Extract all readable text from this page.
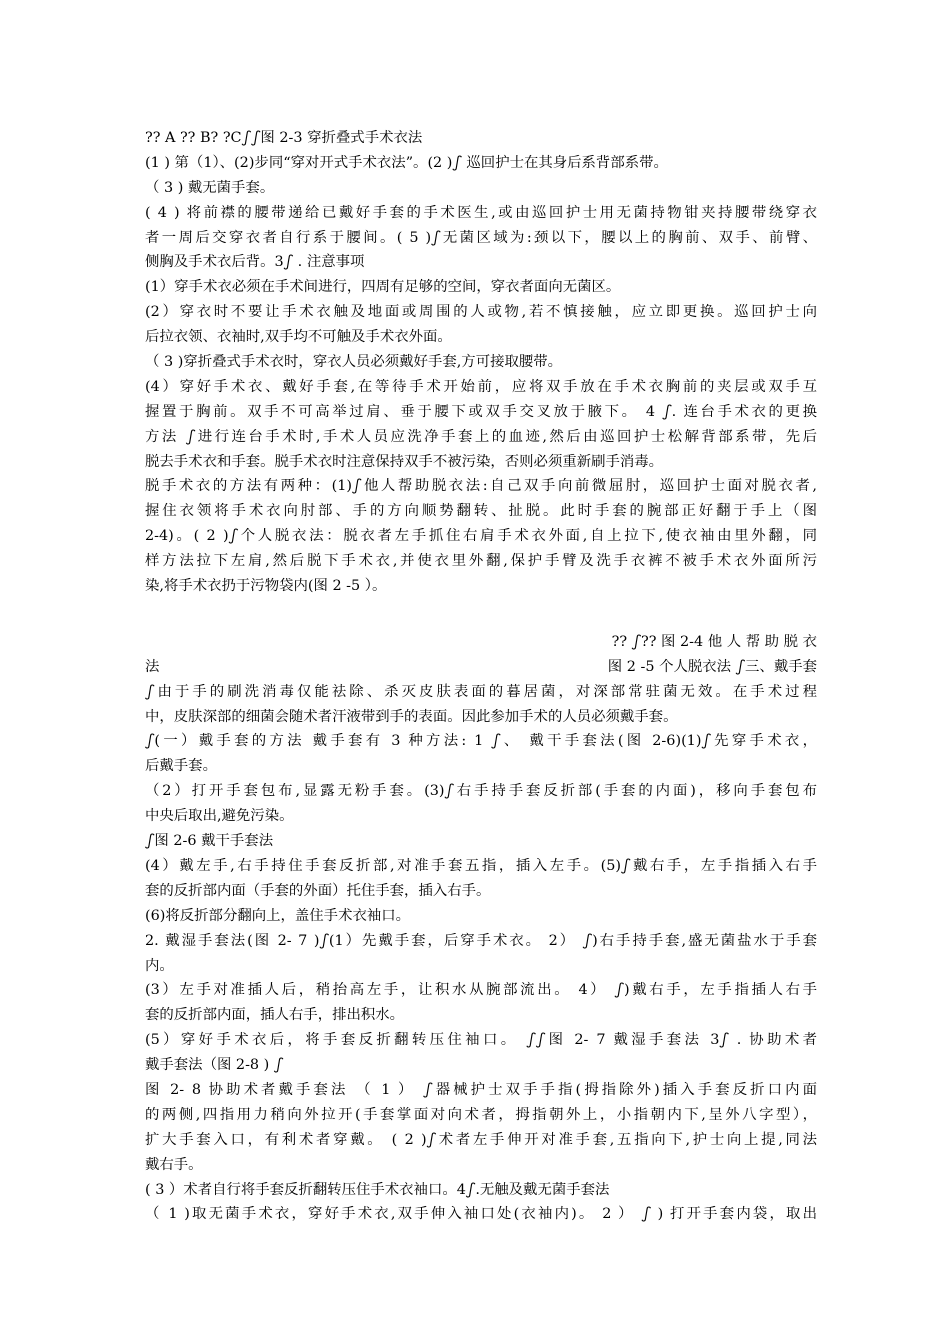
?? A ?? B? ?Cഽഽ图 2-3 穿折叠式手术衣法
(1 ) 第（1）、(2)步同“穿对开式手术衣法”。(2 )ഽ 巡回护士在其身后系背部系带。
（ 3 ) 戴无菌手套。
( 4 ) 将前襟的腰带递给已戴好手套的手术医生,或由巡回护士用无菌持物钳夹持腰带绕穿衣
者一周后交穿衣者自行系于腰间。( 5 )ഽ无菌区域为:颈以下，腰以上的胸前、双手、前臂、
侧胸及手术衣后背。3ഽ . 注意事项
(1）穿手术衣必须在手术间进行，四周有足够的空间，穿衣者面向无菌区。
(2）穿衣时不要让手术衣触及地面或周围的人或物,若不慎接触，应立即更换。巡回护士向
后拉衣领、衣袖时,双手均不可触及手术衣外面。
（ 3 )穿折叠式手术衣时，穿衣人员必须戴好手套,方可接取腰带。
(4）穿好手术衣、戴好手套,在等待手术开始前，应将双手放在手术衣胸前的夹层或双手互
握置于胸前。双手不可高举过肩、垂于腰下或双手交叉放于腋下。 4 ഽ. 连台手术衣的更换
方法 ഽ进行连台手术时,手术人员应洗净手套上的血迹,然后由巡回护士松解背部系带，先后
脱去手术衣和手套。脱手术衣时注意保持双手不被污染，否则必须重新刷手消毒。
脱手术衣的方法有两种：(1)ഽ他人帮助脱衣法:自己双手向前微屈肘，巡回护士面对脱衣者,
握住衣领将手术衣向肘部、手的方向顺势翻转、扯脱。此时手套的腕部正好翻于手上（图
2-4)。( 2 )ഽ个人脱衣法：脱衣者左手抓住右肩手术衣外面,自上拉下,使衣袖由里外翻，同
样方法拉下左肩,然后脱下手术衣,并使衣里外翻,保护手臂及洗手衣裤不被手术衣外面所污
染,将手术衣扔于污物袋内(图 2 -5 ）。
?? ഽ?? 图 2-4 他 人 帮 助 脱 衣
法	图 2 -5 个人脱衣法 ഽ三、戴手套
ഽ由于手的刷洗消毒仅能祛除、杀灭皮肤表面的暮居菌，对深部常驻菌无效。在手术过程
中，皮肤深部的细菌会随术者汗液带到手的表面。因此参加手术的人员必须戴手套。
ഽ(一）戴手套的方法 戴手套有 3 种方法: 1 ഽ、 戴干手套法(图 2-6)(1)ഽ先穿手术衣，
后戴手套。
（2）打开手套包布,显露无粉手套。(3)ഽ右手持手套反折部(手套的内面)，移向手套包布
中央后取出,避免污染。
ഽ图 2-6 戴干手套法
(4）戴左手,右手持住手套反折部,对准手套五指，插入左手。(5)ഽ戴右手，左手指插入右手
套的反折部内面（手套的外面）托住手套，插入右手。
(6)将反折部分翻向上，盖住手术衣袖口。
2. 戴湿手套法(图 2- 7 )ഽ(1）先戴手套，后穿手术衣。 2） ഽ)右手持手套,盛无菌盐水于手套
内。
(3）左手对准插人后，稍抬高左手，让积水从腕部流出。 4） ഽ)戴右手，左手指插人右手
套的反折部内面，插人右手，排出积水。
(5）穿好手术衣后，将手套反折翻转压住袖口。 ഽഽ图 2- 7 戴湿手套法 3ഽ . 协助术者
戴手套法（图 2-8 ) ഽ
图 2- 8 协助术者戴手套法 （ 1 ） ഽ器械护士双手手指(拇指除外)插入手套反折口内面
的两侧,四指用力稍向外拉开(手套掌面对向术者，拇指朝外上，小指朝内下,呈外八字型），
扩大手套入口，有利术者穿戴。 ( 2 )ഽ术者左手伸开对准手套,五指向下,护士向上提,同法
戴右手。
( 3 ）术者自行将手套反折翻转压住手术衣袖口。4ഽ.无触及戴无菌手套法
（ 1 )取无菌手术衣，穿好手术衣,双手伸入袖口处(衣袖内)。 2 ） ഽ ) 打开手套内袋，取出
